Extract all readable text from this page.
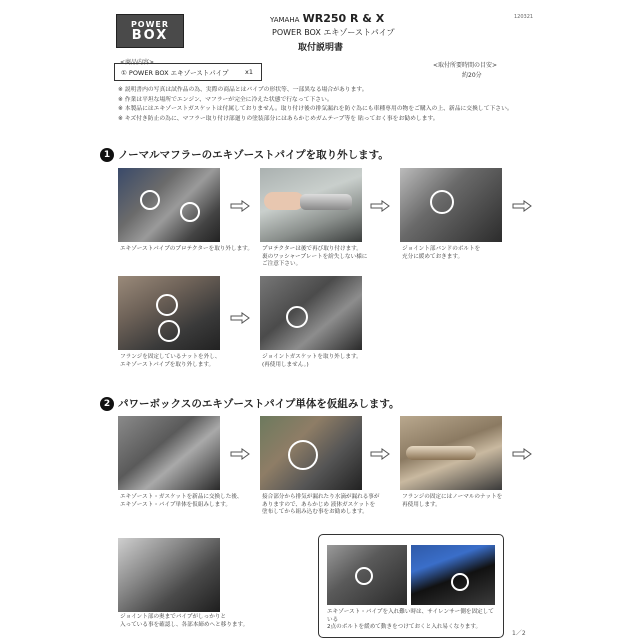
POWER
BOX
YAMAHA WR250 R & X
POWER BOX エキゾーストパイプ
取付説明書
120321
<商品内容>
① POWER BOX エキゾーストパイプ	x1
<取付所要時間の目安>
約20分
※ 説明書内の写真は試作品の為、実際の商品とはパイプの形状等、一部異なる場合があります。
※ 作業は平坦な場所でエンジン、マフラーが完全に冷えた状態で行なって下さい。
※ 本製品にはエキゾーストガスケットは付属しておりません。取り付け後の排気漏れを防ぐ為にも車種専用の物をご購入の上、新品に交換して下さい。
※ キズ付き防止の為に、マフラー取り付け部廻りの塗装部分にはあらかじめガムテープ等を 貼っておく事をお勧めします。
1 ノーマルマフラーのエキゾーストパイプを取り外します。
エキゾーストパイプのプロテクターを取り外します。	プロテクターは後で再び取り付けます。
裏のワッシャープレートを紛失しない様に
ご注意下さい。
ジョイント部バンドのボルトを
充分に緩めておきます。
フランジを固定しているナットを外し、
エキゾーストパイプを取り外します。
ジョイントガスケットを取り外します。
(再使用しません。)
2 パワーボックスのエキゾーストパイプ単体を仮組みします。
エキゾースト・ガスケットを新品に交換した後、
エキゾースト・パイプ単体を仮組みします。
接合部分から排気が漏れたり水滴が漏れる事が
ありますので、あらかじめ 液体ガスケットを
塗布してから組み込む事をお勧めします。
フランジの固定にはノーマルのナットを
再使用します。
ジョイント部の奥までパイプがしっかりと
入っている事を確認し、各部本締めへと移ります。
エキゾースト・パイプを入れ難い時は、サイレンサー側を固定している
2点のボルトを緩めて動きをつけておくと入れ易くなります。
1／2
